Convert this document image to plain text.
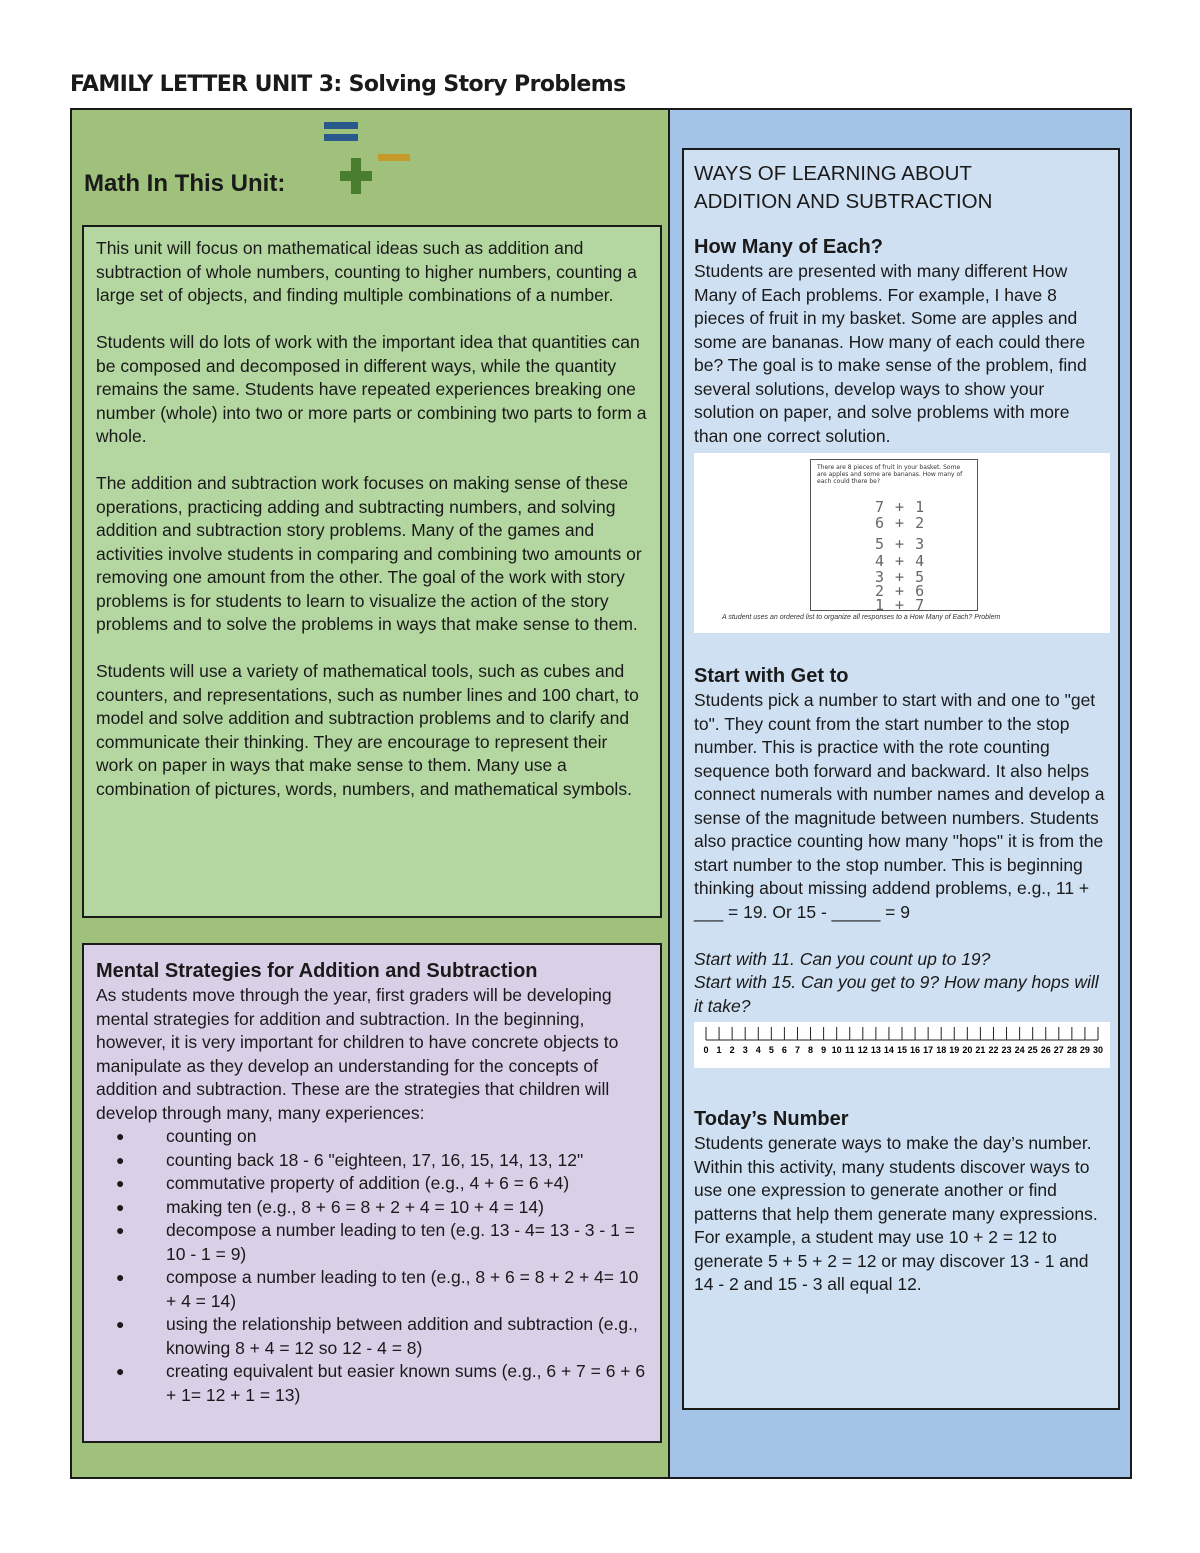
FAMILY LETTER UNIT 3: Solving Story Problems
Math In This Unit:

This unit will focus on mathematical ideas such as addition and subtraction of whole numbers, counting to higher numbers, counting a large set of objects, and finding multiple combinations of a number.

Students will do lots of work with the important idea that quantities can be composed and decomposed in different ways, while the quantity remains the same. Students have repeated experiences breaking one number (whole) into two or more parts or combining two parts to form a whole.

The addition and subtraction work focuses on making sense of these operations, practicing adding and subtracting numbers, and solving addition and subtraction story problems. Many of the games and activities involve students in comparing and combining two amounts or removing one amount from the other. The goal of the work with story problems is for students to learn to visualize the action of the story problems and to solve the problems in ways that make sense to them.

Students will use a variety of mathematical tools, such as cubes and counters, and representations, such as number lines and 100 chart, to model and solve addition and subtraction problems and to clarify and communicate their thinking. They are encourage to represent their work on paper in ways that make sense to them. Many use a combination of pictures, words, numbers, and mathematical symbols.

Mental Strategies for Addition and Subtraction

As students move through the year, first graders will be developing mental strategies for addition and subtraction. In the beginning, however, it is very important for children to have concrete objects to manipulate as they develop an understanding for the concepts of addition and subtraction. These are the strategies that children will develop through many, many experiences:

● counting on
● counting back 18 - 6 "eighteen, 17, 16, 15, 14, 13, 12"
● commutative property of addition (e.g., 4 + 6 = 6 +4)
● making ten (e.g., 8 + 6 = 8 + 2 + 4 = 10 + 4 = 14)
● decompose a number leading to ten (e.g. 13 - 4= 13 - 3 - 1 = 10 - 1 = 9)
● compose a number leading to ten (e.g., 8 + 6 = 8 + 2 + 4= 10 + 4 = 14)
● using the relationship between addition and subtraction (e.g., knowing 8 + 4 = 12 so 12 - 4 = 8)
● creating equivalent but easier known sums (e.g., 6 + 7 = 6 + 6 + 1= 12 + 1 = 13)
WAYS OF LEARNING ABOUT
ADDITION AND SUBTRACTION
How Many of Each?

Students are presented with many different How Many of Each problems. For example, I have 8 pieces of fruit in my basket. Some are apples and some are bananas. How many of each could there be? The goal is to make sense of the problem, find several solutions, develop ways to show your solution on paper, and solve problems with more than one correct solution.

There are 8 pieces of fruit in your basket. Some are apples and some are bananas. How many of each could there be?
7 + 1
6 + 2
5 + 3
4 + 4
3 + 5
2 + 6
1 + 7
A student uses an ordered list to organize all responses to a How Many of Each? Problem
Start with Get to

Students pick a number to start with and one to "get to". They count from the start number to the stop number. This is practice with the rote counting sequence both forward and backward. It also helps connect numerals with number names and develop a sense of the magnitude between numbers. Students also practice counting how many "hops" it is from the start number to the stop number. This is beginning thinking about missing addend problems, e.g., 11 + ___ = 19. Or 15 - _____ = 9

Start with 11. Can you count up to 19?

Start with 15. Can you get to 9? How many hops will it take?

0 1 2 3 4 5 6 7 8 9 10 11 12 13 14 15 16 17 18 19 20 21 22 23 24 25 26 27 28 29 30
Today’s Number

Students generate ways to make the day’s number. Within this activity, many students discover ways to use one expression to generate another or find patterns that help them generate many expressions. For example, a student may use 10 + 2 = 12 to generate 5 + 5 + 2 = 12 or may discover 13 - 1 and 14 - 2 and 15 - 3 all equal 12.
